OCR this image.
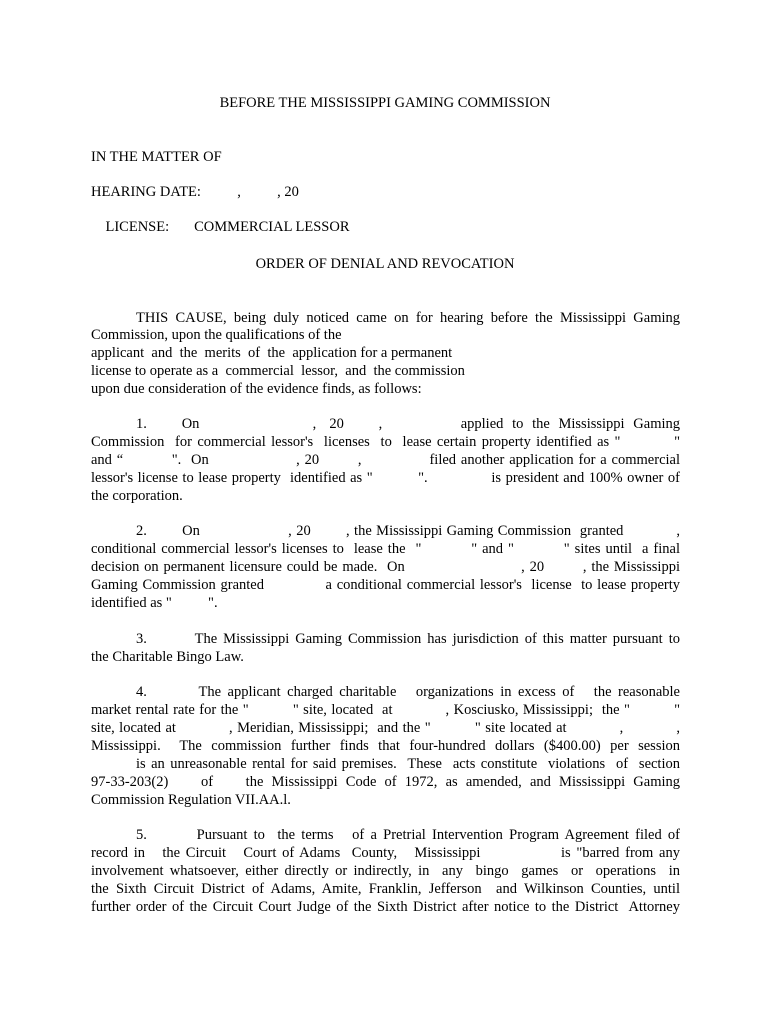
BEFORE THE MISSISSIPPI GAMING COMMISSION
IN THE MATTER OF
HEARING DATE:          ,          , 20

LICENSE: COMMERCIAL LESSOR

ORDER OF DENIAL AND REVOCATION
THIS CAUSE, being duly noticed came on for hearing before the Mississippi Gaming
Commission, upon the qualifications of the
applicant  and  the  merits  of  the  application for a permanent
license to operate as a  commercial  lessor,  and  the commission
upon due consideration of the evidence finds, as follows:
1.        On                          ,   20        ,                  applied  to  the  Mississippi  Gaming
Commission  for commercial lessor's  licenses  to  lease certain property identified as "          "
and “          ".  On                  , 20        ,              filed another application for a commercial
lessor's license to lease property  identified as "          ".              is president and 100% owner of
the corporation.
2.        On                    , 20        , the Mississippi Gaming Commission  granted            ,
conditional commercial lessor's licenses to  lease the  "          " and "          " sites until  a final
decision on permanent licensure could be made.  On                        , 20        , the Mississippi
Gaming Commission granted             a conditional commercial lessor's  license  to lease property
identified as "          ".
3.        The Mississippi Gaming Commission has jurisdiction of this matter pursuant to
the Charitable Bingo Law.
4.        The applicant charged charitable   organizations in excess of   the reasonable
market rental rate for the "          " site, located  at            , Kosciusko, Mississippi;  the "          "
site, located at            , Meridian, Mississippi;  and the "          " site located at            ,            ,
Mississippi.  The commission further finds that four-hundred dollars ($400.00) per session
is an unreasonable rental for said premises.  These  acts constitute  violations  of  section
97-33-203(2)    of    the Mississippi Code of 1972, as amended, and Mississippi Gaming
Commission Regulation VII.AA.l.
5.        Pursuant to  the terms   of a Pretrial Intervention Program Agreement filed of
record in   the Circuit   Court of Adams  County,   Mississippi              is "barred from any
involvement whatsoever, either directly or indirectly, in  any  bingo  games  or  operations  in
the Sixth Circuit District of Adams, Amite, Franklin, Jefferson  and Wilkinson Counties, until
further order of the Circuit Court Judge of the Sixth District after notice to the District  Attorney
